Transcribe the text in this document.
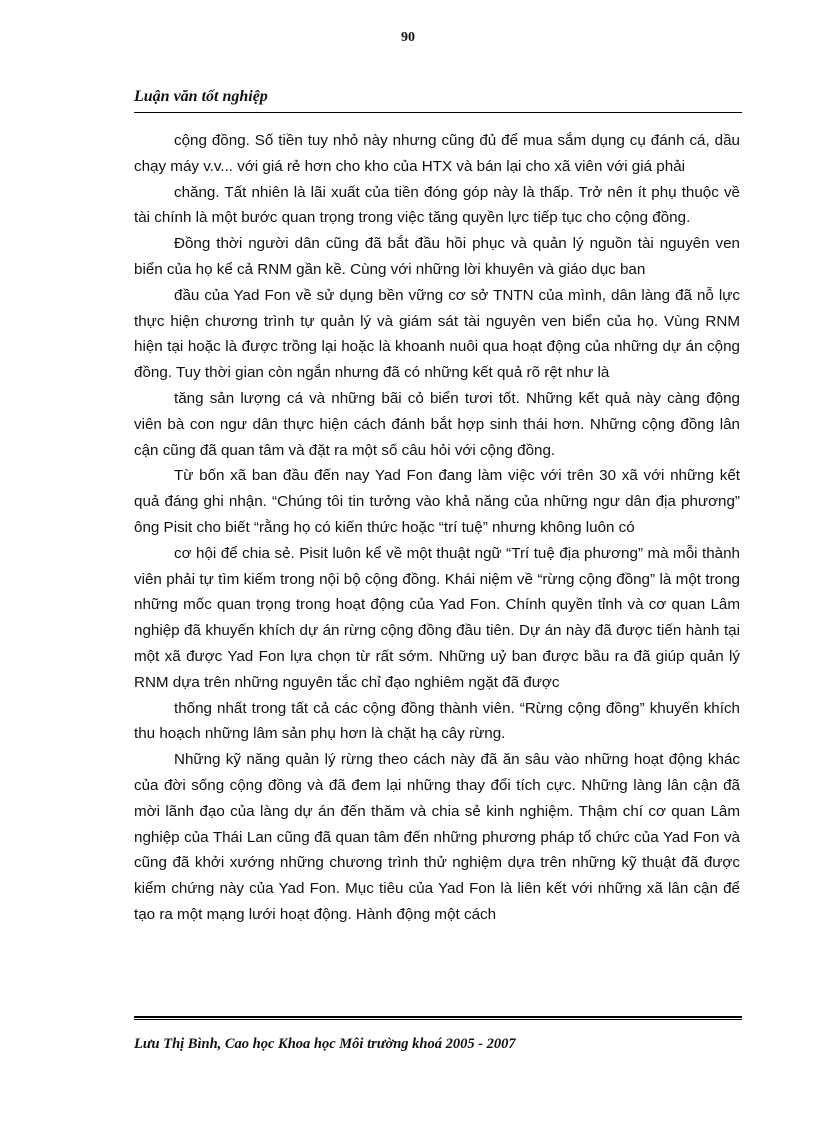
90
Luận văn tốt nghiệp

cộng đồng. Số tiền tuy nhỏ này nhưng cũng đủ để mua sắm dụng cụ đánh cá, dầu chạy máy v.v... với giá rẻ hơn cho kho của HTX và bán lại cho xã viên với giá phải

chăng. Tất nhiên là lãi xuất của tiền đóng góp này là thấp. Trở nên ít phụ thuộc về tài chính là một bước quan trọng trong việc tăng quyền lực tiếp tục cho cộng đồng.

Đồng thời người dân cũng đã bắt đầu hồi phục và quản lý nguồn tài nguyên ven biển của họ kể cả RNM gần kề. Cùng với những lời khuyên và giáo dục ban

đầu của Yad Fon về sử dụng bền vững cơ sở TNTN của mình, dân làng đã nỗ lực thực hiện chương trình tự quản lý và giám sát tài nguyên ven biển của họ. Vùng RNM hiện tại hoặc là được trồng lại hoặc là khoanh nuôi qua hoạt động của những dự án cộng đồng. Tuy thời gian còn ngắn nhưng đã có những kết quả rõ rệt như là

tăng sản lượng cá và những bãi cỏ biển tươi tốt. Những kết quả này càng động viên bà con ngư dân thực hiện cách đánh bắt hợp sinh thái hơn. Những cộng đồng lân cận cũng đã quan tâm và đặt ra một số câu hỏi với cộng đồng.

Từ bốn xã ban đầu đến nay Yad Fon đang làm việc với trên 30 xã với những kết quả đáng ghi nhận. “Chúng tôi tin tưởng vào khả năng của những ngư dân địa phương” ông Pisit cho biết “rằng họ có kiến thức hoặc “trí tuệ” nhưng không luôn có

cơ hội để chia sẻ. Pisit luôn kể về một thuật ngữ “Trí tuệ địa phương” mà mỗi thành viên phải tự tìm kiếm trong nội bộ cộng đồng. Khái niệm về “rừng cộng đồng” là một trong những mốc quan trọng trong hoạt động của Yad Fon. Chính quyền tỉnh và cơ quan Lâm nghiệp đã khuyến khích dự án rừng cộng đồng đầu tiên. Dự án này đã được tiến hành tại một xã được Yad Fon lựa chọn từ rất sớm. Những uỷ ban được bầu ra đã giúp quản lý RNM dựa trên những nguyên tắc chỉ đạo nghiêm ngặt đã được

thống nhất trong tất cả các cộng đồng thành viên. “Rừng cộng đồng” khuyến khích thu hoạch những lâm sản phụ hơn là chặt hạ cây rừng.

Những kỹ năng quản lý rừng theo cách này đã ăn sâu vào những hoạt động khác của đời sống cộng đồng và đã đem lại những thay đổi tích cực. Những làng lân cận đã mời lãnh đạo của làng dự án đến thăm và chia sẻ kinh nghiệm. Thậm chí cơ quan Lâm nghiệp của Thái Lan cũng đã quan tâm đến những phương pháp tổ chức của Yad Fon và cũng đã khởi xướng những chương trình thử nghiệm dựa trên những kỹ thuật đã được kiểm chứng này của Yad Fon. Mục tiêu của Yad Fon là liên kết với những xã lân cận để tạo ra một mạng lưới hoạt động. Hành động một cách

Lưu Thị Bình, Cao học Khoa học Môi trường khoá 2005 - 2007
